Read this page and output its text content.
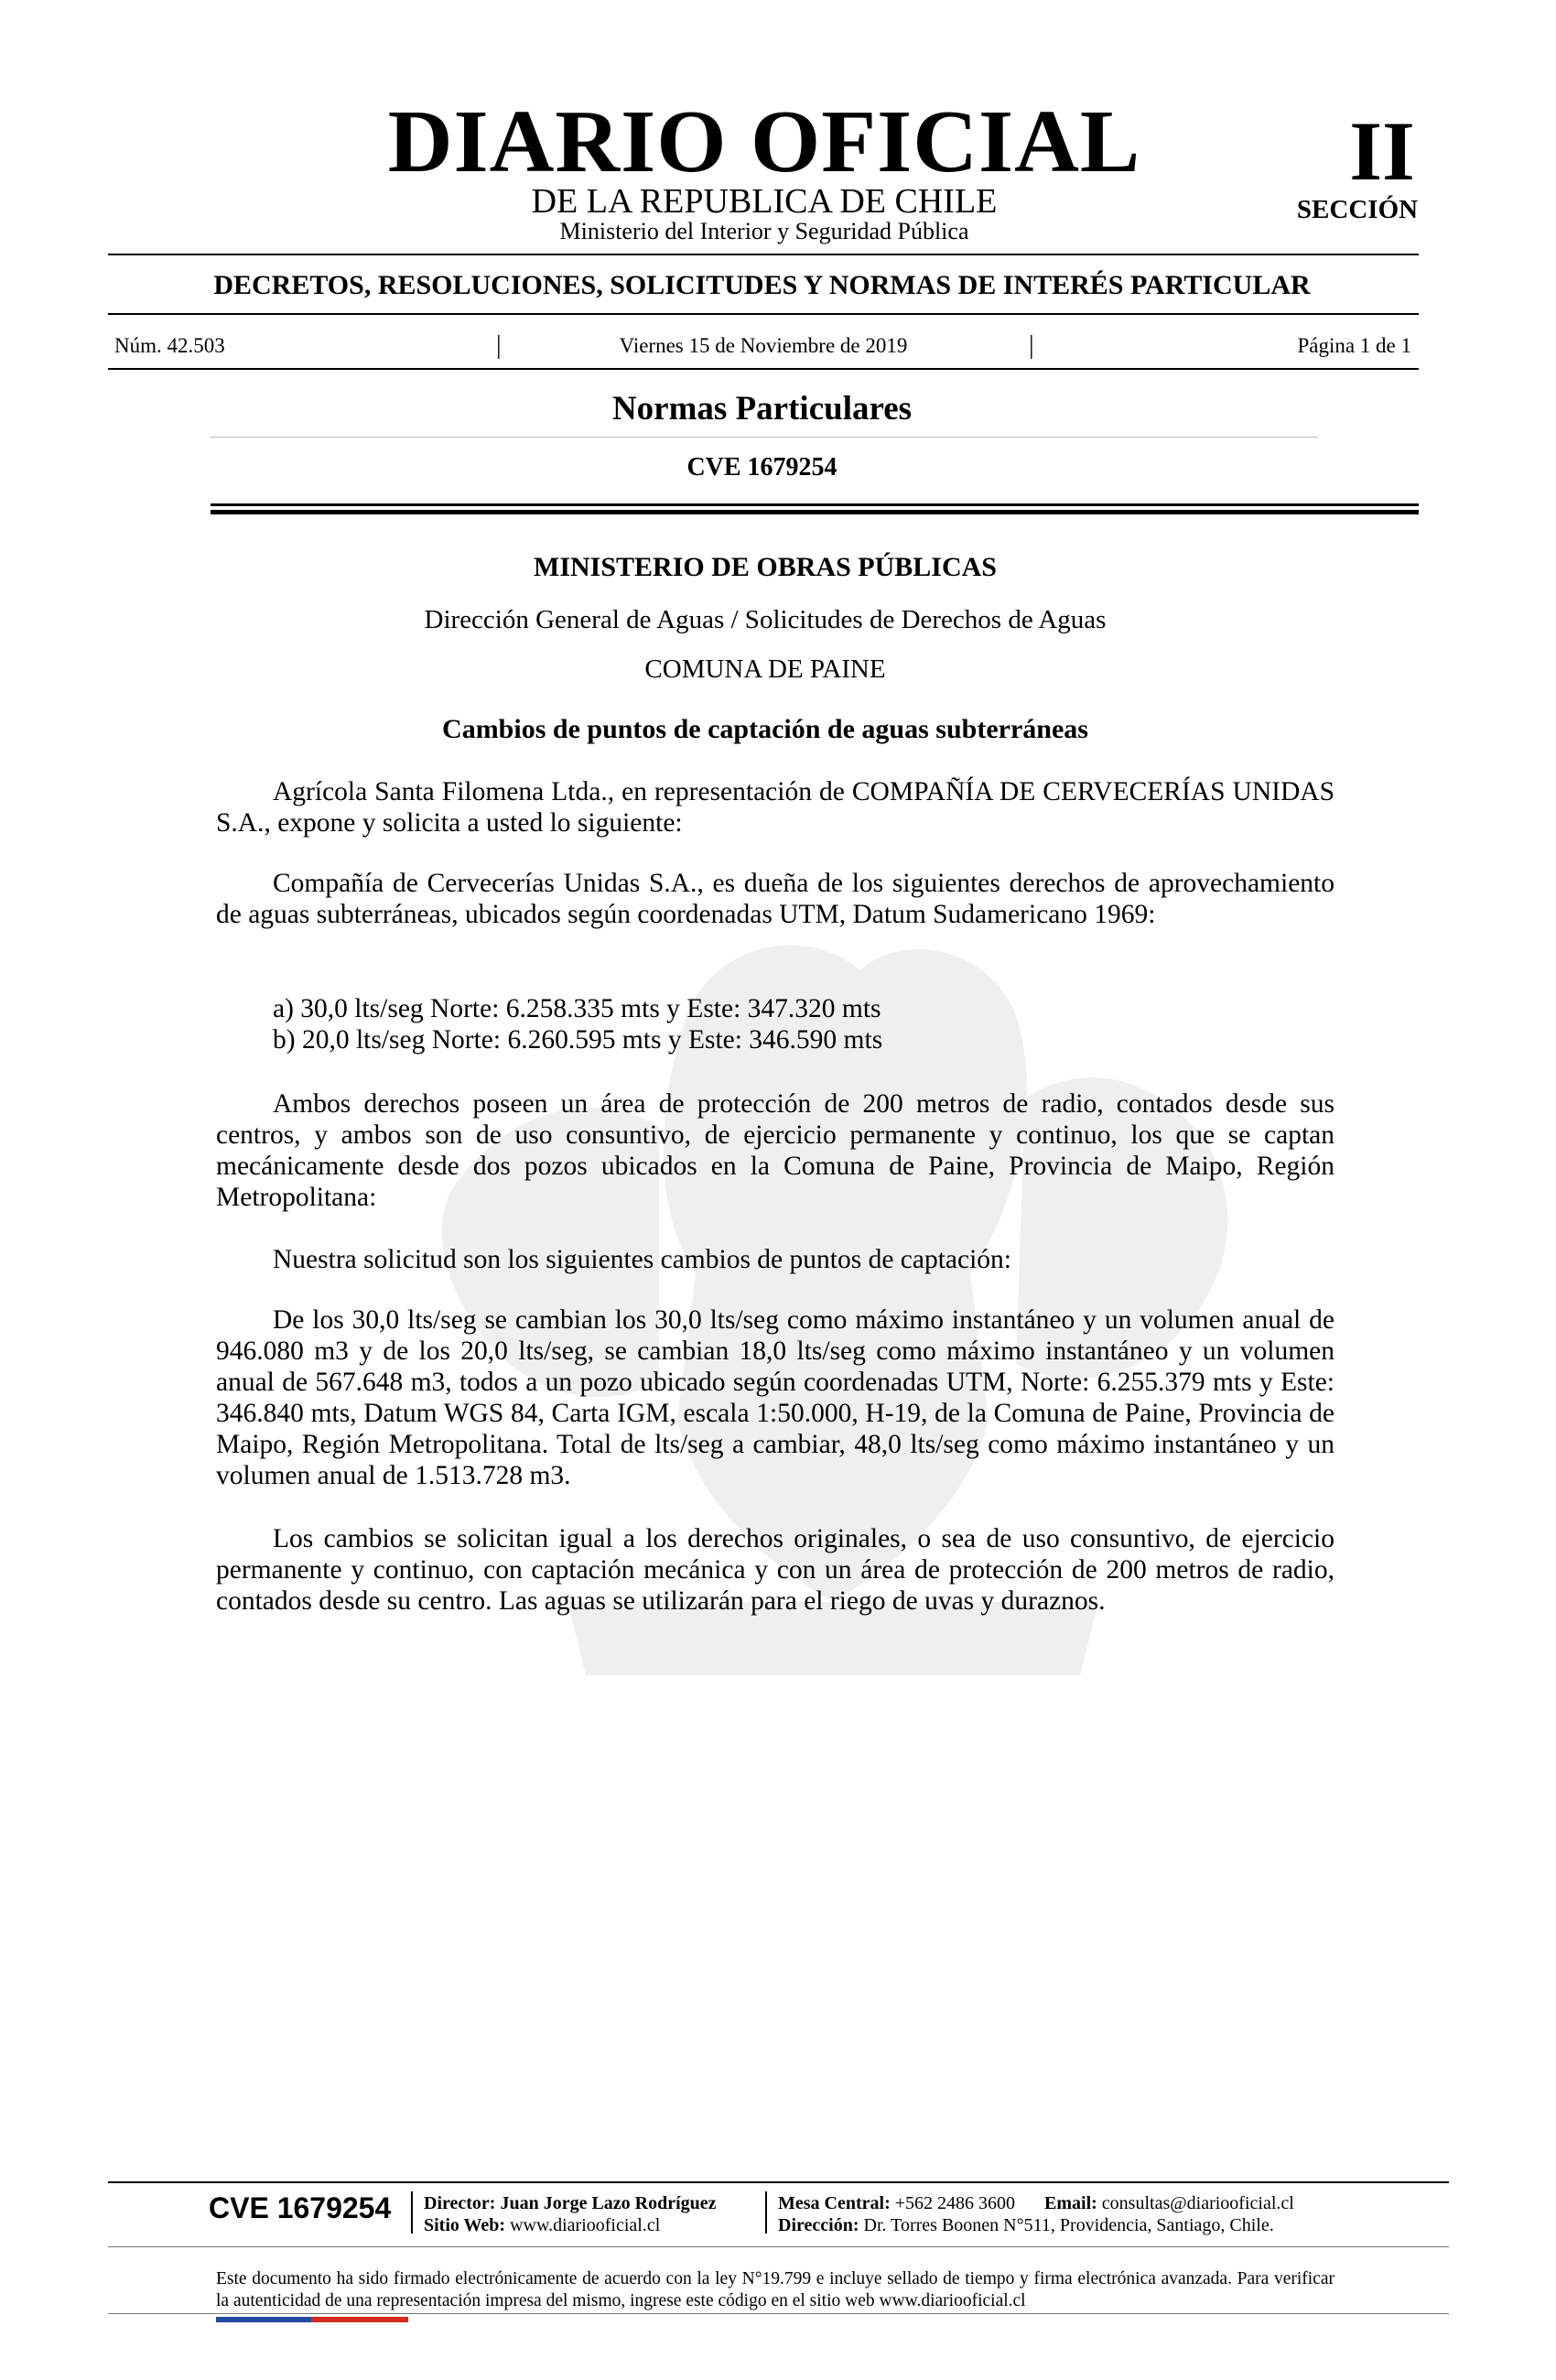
DIARIO OFICIAL
DE LA REPUBLICA DE CHILE
Ministerio del Interior y Seguridad Pública
II
SECCIÓN
DECRETOS, RESOLUCIONES, SOLICITUDES Y NORMAS DE INTERÉS PARTICULAR
Núm. 42.503	|	Viernes 15 de Noviembre de 2019	|	Página 1 de 1
Normas Particulares
CVE 1679254
MINISTERIO DE OBRAS PÚBLICAS
Dirección General de Aguas / Solicitudes de Derechos de Aguas
COMUNA DE PAINE
Cambios de puntos de captación de aguas subterráneas
Agrícola Santa Filomena Ltda., en representación de COMPAÑÍA DE CERVECERÍAS UNIDAS S.A., expone y solicita a usted lo siguiente:
Compañía de Cervecerías Unidas S.A., es dueña de los siguientes derechos de aprovechamiento de aguas subterráneas, ubicados según coordenadas UTM, Datum Sudamericano 1969:
a) 30,0 lts/seg Norte: 6.258.335 mts y Este: 347.320 mts
b) 20,0 lts/seg Norte: 6.260.595 mts y Este: 346.590 mts
Ambos derechos poseen un área de protección de 200 metros de radio, contados desde sus centros, y ambos son de uso consuntivo, de ejercicio permanente y continuo, los que se captan mecánicamente desde dos pozos ubicados en la Comuna de Paine, Provincia de Maipo, Región Metropolitana:
Nuestra solicitud son los siguientes cambios de puntos de captación:
De los 30,0 lts/seg se cambian los 30,0 lts/seg como máximo instantáneo y un volumen anual de 946.080 m3 y de los 20,0 lts/seg, se cambian 18,0 lts/seg como máximo instantáneo y un volumen anual de 567.648 m3, todos a un pozo ubicado según coordenadas UTM, Norte: 6.255.379 mts y Este: 346.840 mts, Datum WGS 84, Carta IGM, escala 1:50.000, H-19, de la Comuna de Paine, Provincia de Maipo, Región Metropolitana. Total de lts/seg a cambiar, 48,0 lts/seg como máximo instantáneo y un volumen anual de 1.513.728 m3.
Los cambios se solicitan igual a los derechos originales, o sea de uso consuntivo, de ejercicio permanente y continuo, con captación mecánica y con un área de protección de 200 metros de radio, contados desde su centro. Las aguas se utilizarán para el riego de uvas y duraznos.
CVE 1679254 Director: Juan Jorge Lazo Rodríguez
Sitio Web: www.diariooficial.cl
Mesa Central: +562 2486 3600 Email: consultas@diariooficial.cl
Dirección: Dr. Torres Boonen N°511, Providencia, Santiago, Chile.
Este documento ha sido firmado electrónicamente de acuerdo con la ley N°19.799 e incluye sellado de tiempo y firma electrónica avanzada. Para verificar la autenticidad de una representación impresa del mismo, ingrese este código en el sitio web www.diariooficial.cl
